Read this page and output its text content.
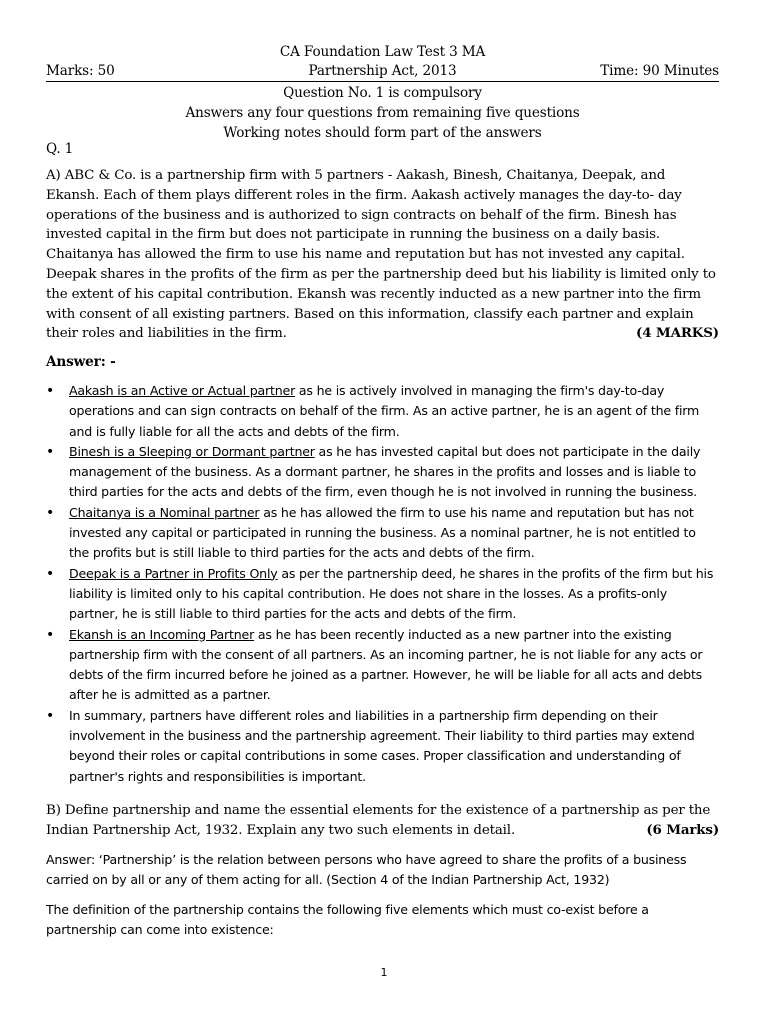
CA Foundation Law Test 3 MA
Marks: 50	Partnership Act, 2013	Time: 90 Minutes
Question No. 1 is compulsory
Answers any four questions from remaining five questions
Working notes should form part of the answers
Q. 1
A) ABC & Co. is a partnership firm with 5 partners - Aakash, Binesh, Chaitanya, Deepak, and Ekansh. Each of them plays different roles in the firm. Aakash actively manages the day-to- day operations of the business and is authorized to sign contracts on behalf of the firm. Binesh has invested capital in the firm but does not participate in running the business on a daily basis. Chaitanya has allowed the firm to use his name and reputation but has not invested any capital. Deepak shares in the profits of the firm as per the partnership deed but his liability is limited only to the extent of his capital contribution. Ekansh was recently inducted as a new partner into the firm with consent of all existing partners. Based on this information, classify each partner and explain their roles and liabilities in the firm.	(4 MARKS)
Answer: -
• Aakash is an Active or Actual partner as he is actively involved in managing the firm's day-to-day operations and can sign contracts on behalf of the firm. As an active partner, he is an agent of the firm and is fully liable for all the acts and debts of the firm.
• Binesh is a Sleeping or Dormant partner as he has invested capital but does not participate in the daily management of the business. As a dormant partner, he shares in the profits and losses and is liable to third parties for the acts and debts of the firm, even though he is not involved in running the business.
• Chaitanya is a Nominal partner as he has allowed the firm to use his name and reputation but has not invested any capital or participated in running the business. As a nominal partner, he is not entitled to the profits but is still liable to third parties for the acts and debts of the firm.
• Deepak is a Partner in Profits Only as per the partnership deed, he shares in the profits of the firm but his liability is limited only to his capital contribution. He does not share in the losses. As a profits-only partner, he is still liable to third parties for the acts and debts of the firm.
• Ekansh is an Incoming Partner as he has been recently inducted as a new partner into the existing partnership firm with the consent of all partners. As an incoming partner, he is not liable for any acts or debts of the firm incurred before he joined as a partner. However, he will be liable for all acts and debts after he is admitted as a partner.
• In summary, partners have different roles and liabilities in a partnership firm depending on their involvement in the business and the partnership agreement. Their liability to third parties may extend beyond their roles or capital contributions in some cases. Proper classification and understanding of partner's rights and responsibilities is important.
B) Define partnership and name the essential elements for the existence of a partnership as per the Indian Partnership Act, 1932. Explain any two such elements in detail.	(6 Marks)
Answer: ‘Partnership’ is the relation between persons who have agreed to share the profits of a business carried on by all or any of them acting for all. (Section 4 of the Indian Partnership Act, 1932)
The definition of the partnership contains the following five elements which must co-exist before a partnership can come into existence:
1
